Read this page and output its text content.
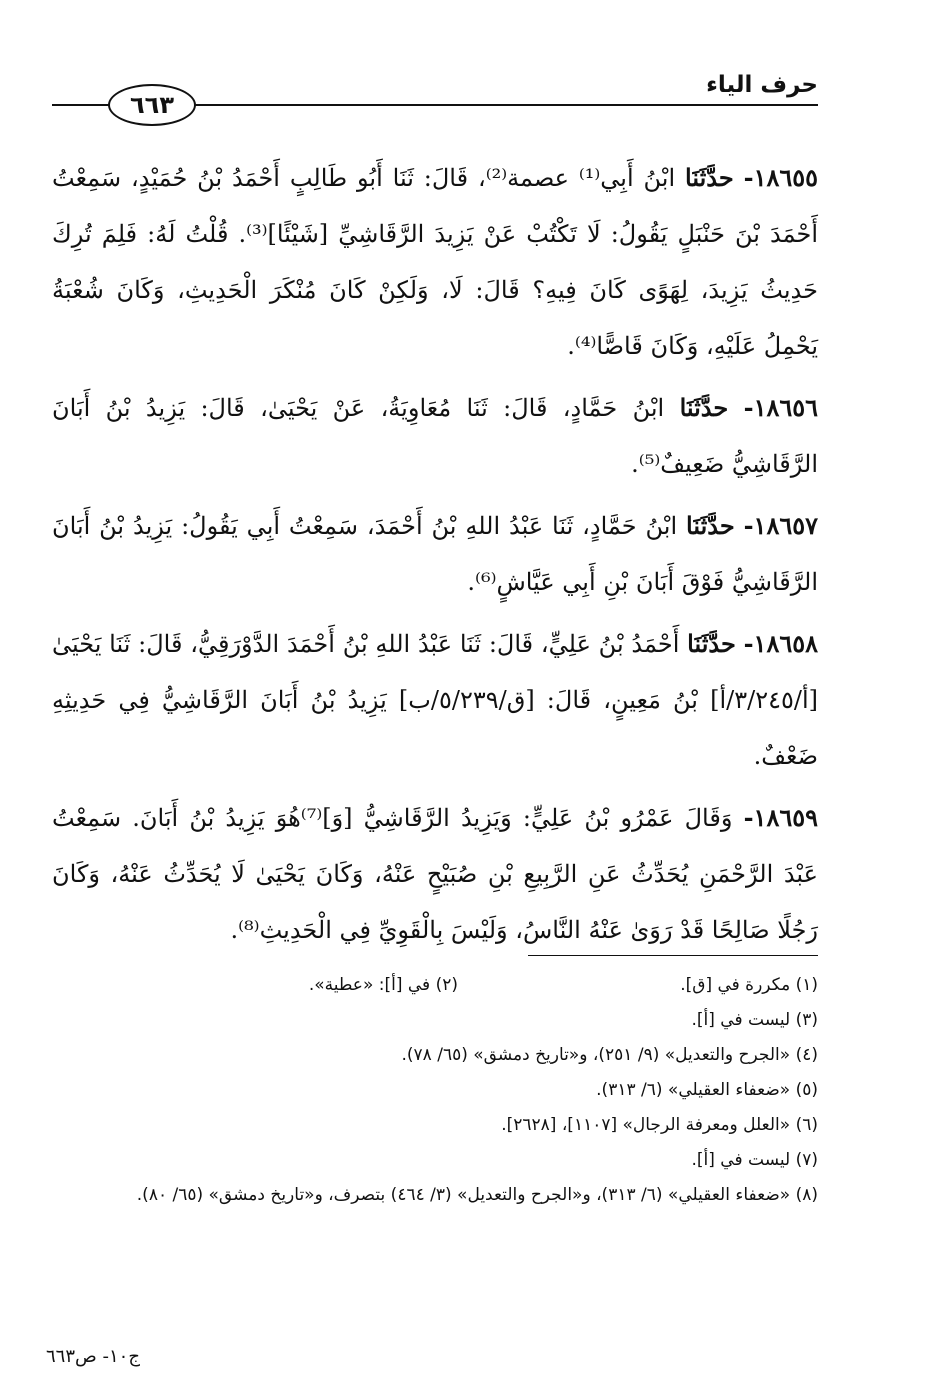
حرف الياء
٦٦٣

١٨٦٥٥- حدَّثَنَا ابْنُ أَبِي⁽¹⁾ عصمة⁽²⁾، قَالَ: ثَنَا أَبُو طَالِبٍ أَحْمَدُ بْنُ حُمَيْدٍ، سَمِعْتُ أَحْمَدَ بْنَ حَنْبَلٍ يَقُولُ: لَا تَكْتُبْ عَنْ يَزِيدَ الرَّقَاشِيِّ [شَيْئًا]⁽³⁾. قُلْتُ لَهُ: فَلِمَ تُرِكَ حَدِيثُ يَزِيدَ، لِهَوًى كَانَ فِيهِ؟ قَالَ: لَا، وَلَكِنْ كَانَ مُنْكَرَ الْحَدِيثِ، وَكَانَ شُعْبَةُ يَحْمِلُ عَلَيْهِ، وَكَانَ قَاصًّا⁽⁴⁾.

١٨٦٥٦- حدَّثَنَا ابْنُ حَمَّادٍ، قَالَ: ثَنَا مُعَاوِيَةُ، عَنْ يَحْيَىٰ، قَالَ: يَزِيدُ بْنُ أَبَانَ الرَّقَاشِيُّ ضَعِيفٌ⁽⁵⁾.

١٨٦٥٧- حدَّثَنَا ابْنُ حَمَّادٍ، ثَنَا عَبْدُ اللهِ بْنُ أَحْمَدَ، سَمِعْتُ أَبِي يَقُولُ: يَزِيدُ بْنُ أَبَانَ الرَّقَاشِيُّ فَوْقَ أَبَانَ بْنِ أَبِي عَيَّاشٍ⁽⁶⁾.

١٨٦٥٨- حدَّثَنَا أَحْمَدُ بْنُ عَلِيٍّ، قَالَ: ثَنَا عَبْدُ اللهِ بْنُ أَحْمَدَ الدَّوْرَقِيُّ، قَالَ: ثَنَا يَحْيَىٰ [أ/٣/٢٤٥/أ] بْنُ مَعِينٍ، قَالَ: [ق/٥/٢٣٩/ب] يَزِيدُ بْنُ أَبَانَ الرَّقَاشِيُّ فِي حَدِيثِهِ ضَعْفٌ.

١٨٦٥٩- وَقَالَ عَمْرُو بْنُ عَلِيٍّ: وَيَزِيدُ الرَّقَاشِيُّ [وَ]⁽⁷⁾هُوَ يَزِيدُ بْنُ أَبَانَ. سَمِعْتُ عَبْدَ الرَّحْمَنِ يُحَدِّثُ عَنِ الرَّبِيعِ بْنِ صُبَيْحٍ عَنْهُ، وَكَانَ يَحْيَىٰ لَا يُحَدِّثُ عَنْهُ، وَكَانَ رَجُلًا صَالِحًا قَدْ رَوَىٰ عَنْهُ النَّاسُ، وَلَيْسَ بِالْقَوِيِّ فِي الْحَدِيثِ⁽⁸⁾.

(١) مكررة في [ق].
(٢) في [أ]: «عطية».
(٣) ليست في [أ].
(٤) «الجرح والتعديل» (٩/ ٢٥١)، و«تاريخ دمشق» (٦٥/ ٧٨).
(٥) «ضعفاء العقيلي» (٦/ ٣١٣).
(٦) «العلل ومعرفة الرجال» [١١٠٧]، [٢٦٢٨].
(٧) ليست في [أ].
(٨) «ضعفاء العقيلي» (٦/ ٣١٣)، و«الجرح والتعديل» (٣/ ٤٦٤) بتصرف، و«تاريخ دمشق» (٦٥/ ٨٠).
ج١٠- ص٦٦٣
